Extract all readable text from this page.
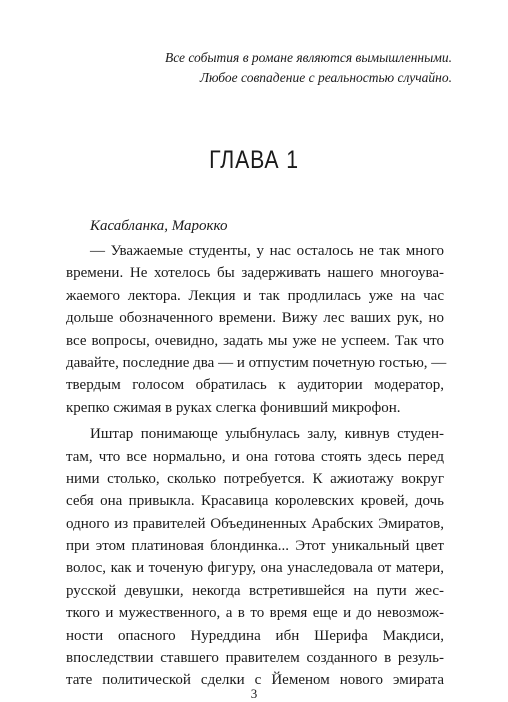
Все события в романе являются вымышленными.
Любое совпадение с реальностью случайно.
ГЛАВА 1
Касабланка, Марокко
— Уважаемые студенты, у нас осталось не так много
времени. Не хотелось бы задерживать нашего многоува-
жаемого лектора. Лекция и так продлилась уже на час
дольше обозначенного времени. Вижу лес ваших рук, но
все вопросы, очевидно, задать мы уже не успеем. Так что
давайте, последние два — и отпустим почетную гостью, —
твердым голосом обратилась к аудитории модератор,
крепко сжимая в руках слегка фонивший микрофон.
Иштар понимающе улыбнулась залу, кивнув студен-
там, что все нормально, и она готова стоять здесь перед
ними столько, сколько потребуется. К ажиотажу вокруг
себя она привыкла. Красавица королевских кровей, дочь
одного из правителей Объединенных Арабских Эмиратов,
при этом платиновая блондинка... Этот уникальный цвет
волос, как и точеную фигуру, она унаследовала от матери,
русской девушки, некогда встретившейся на пути жес-
ткого и мужественного, а в то время еще и до невозмож-
ности опасного Нуреддина ибн Шерифа Макдиси,
впоследствии ставшего правителем созданного в резуль-
тате политической сделки с Йеменом нового эмирата
3
